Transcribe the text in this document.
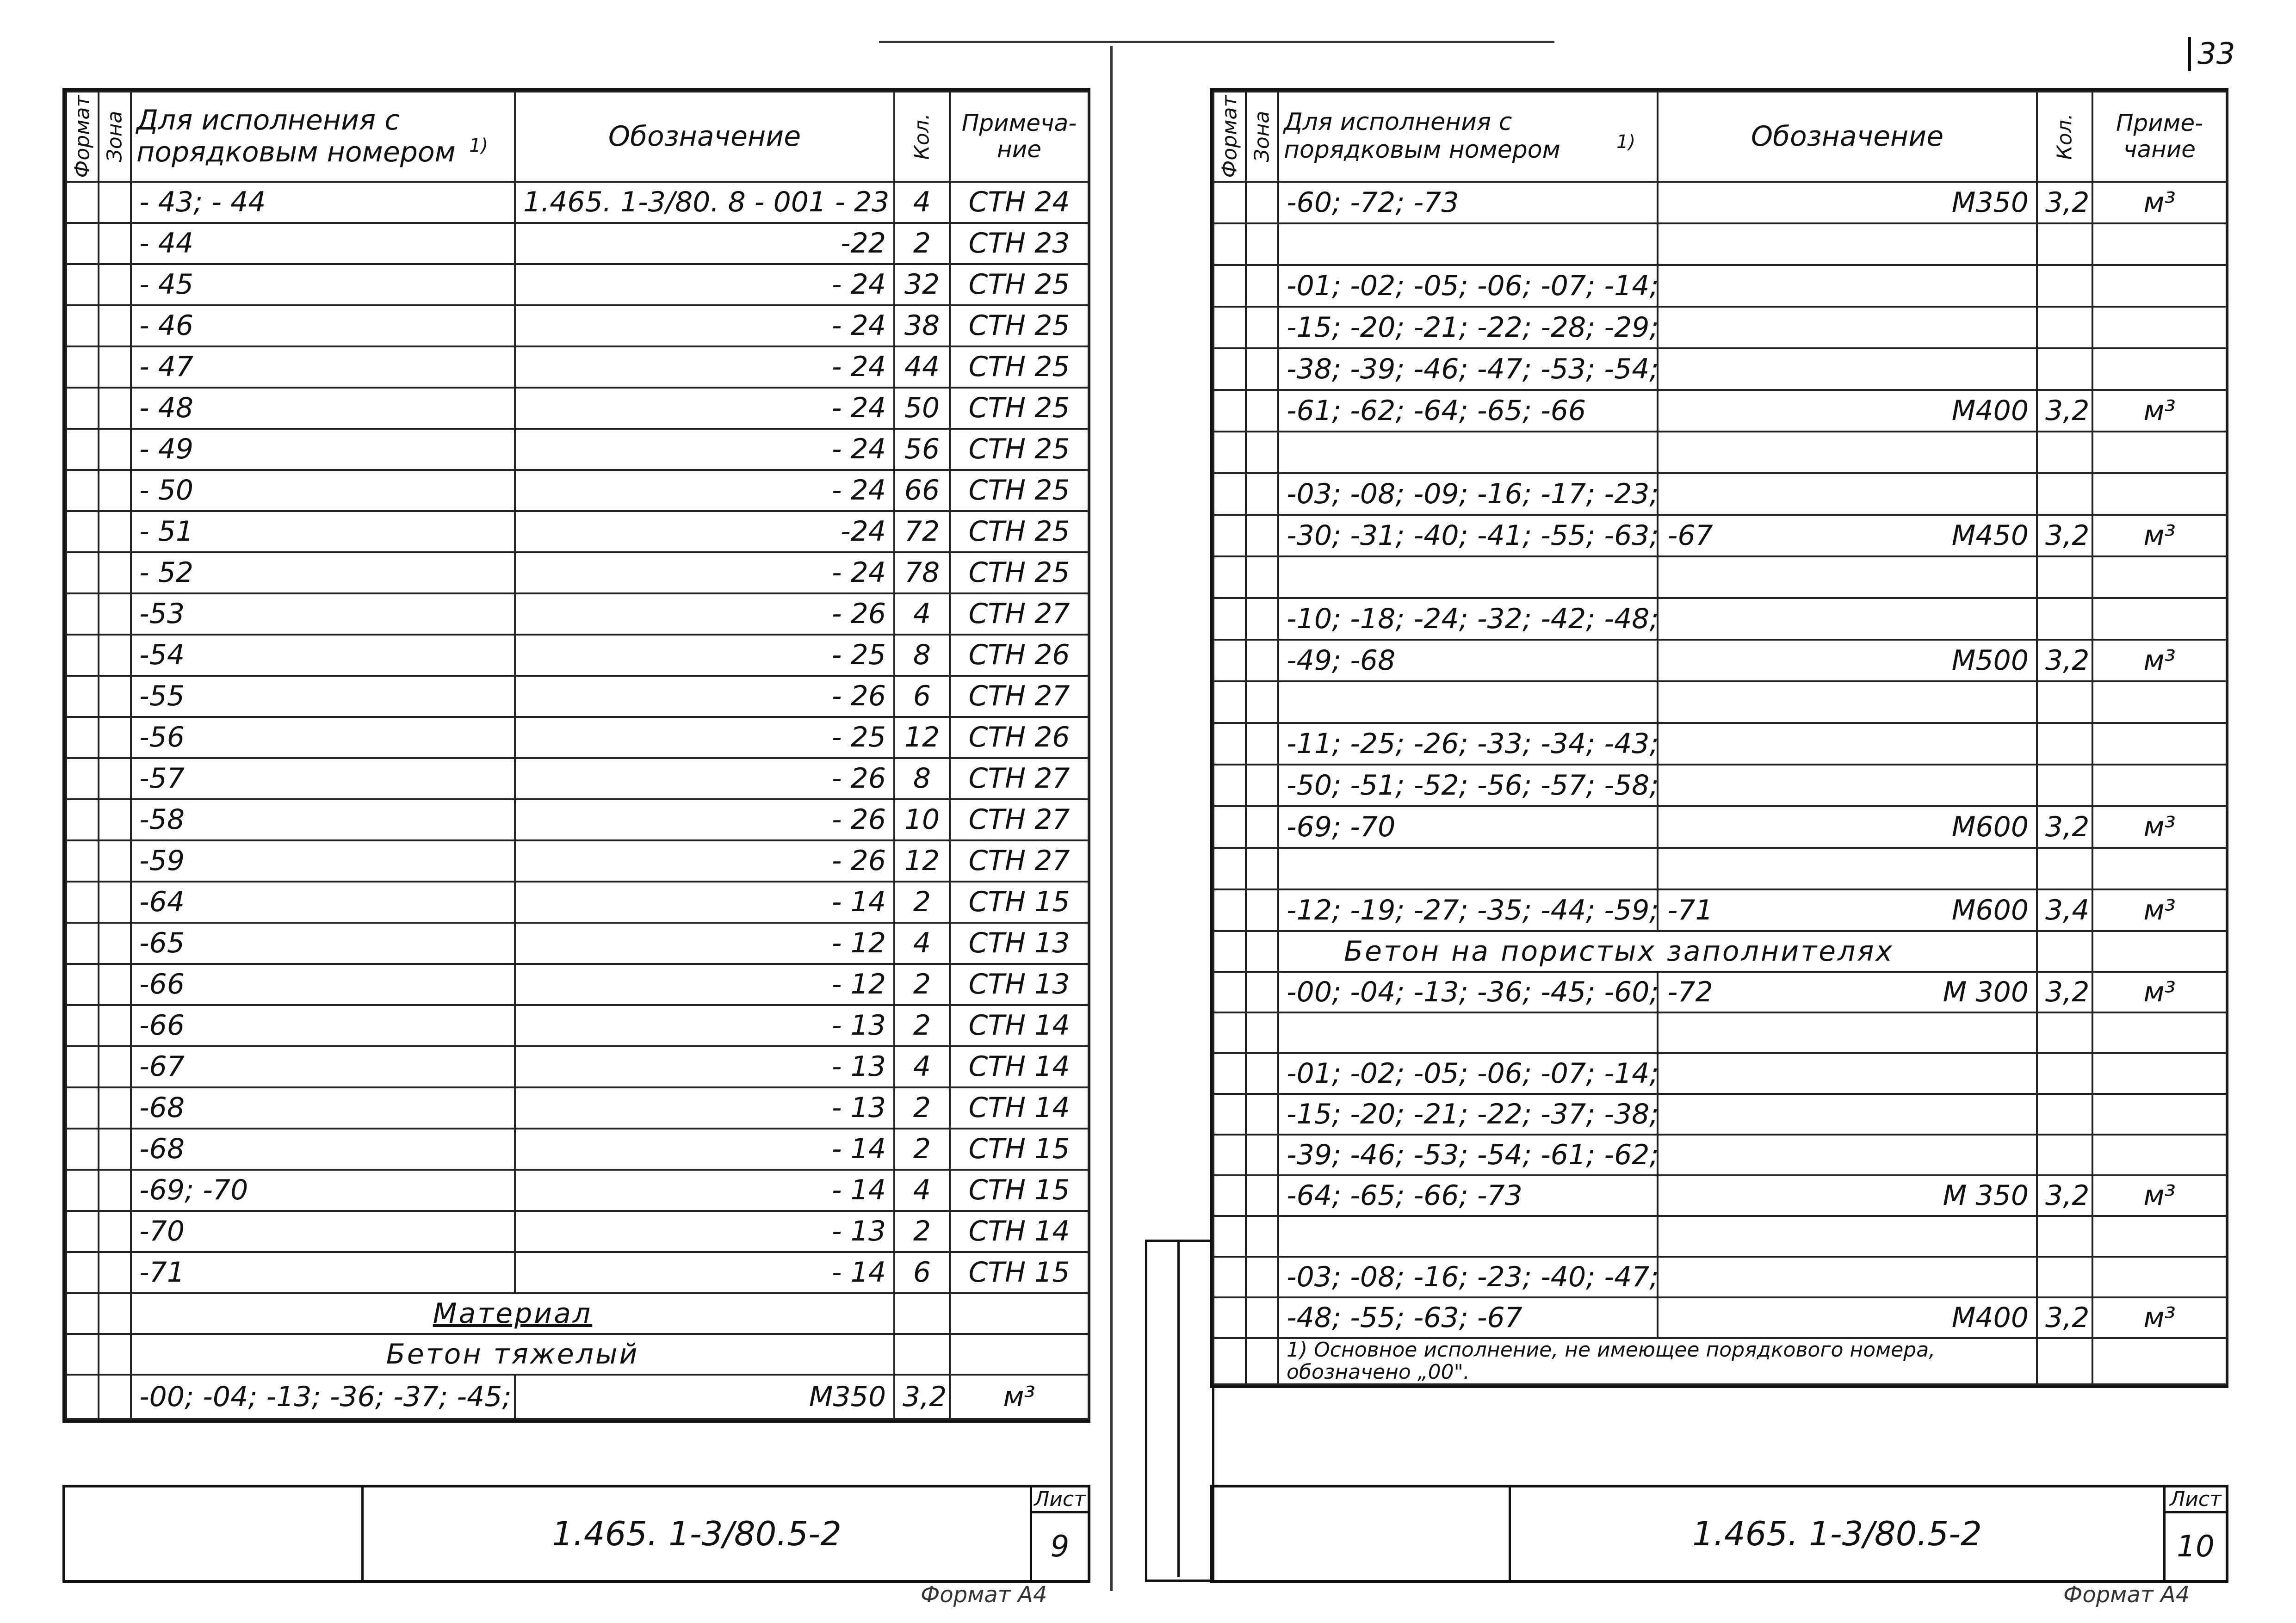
33
Формат	Зона	Для исполнения с порядковым номером $^{1)}$	Обозначение	Кол.	Примеча-ние
		- 43; - 44	1.465. 1-3/80. 8 - 001 - 23	4	СТН 24
		- 44	-22	2	СТН 23
		- 45	- 24	32	СТН 25
		- 46	- 24	38	СТН 25
		- 47	- 24	44	СТН 25
		- 48	- 24	50	СТН 25
		- 49	- 24	56	СТН 25
		- 50	- 24	66	СТН 25
		- 51	-24	72	СТН 25
		- 52	- 24	78	СТН 25
		-53	- 26	4	СТН 27
		-54	- 25	8	СТН 26
		-55	- 26	6	СТН 27
		-56	- 25	12	СТН 26
		-57	- 26	8	СТН 27
		-58	- 26	10	СТН 27
		-59	- 26	12	СТН 27
		-64	- 14	2	СТН 15
		-65	- 12	4	СТН 13
		-66	- 12	2	СТН 13
		-66	- 13	2	СТН 14
		-67	- 13	4	СТН 14
		-68	- 13	2	СТН 14
		-68	- 14	2	СТН 15
		-69; -70	- 14	4	СТН 15
		-70	- 13	2	СТН 14
		-71	- 14	6	СТН 15
		Материал			
		Бетон тяжелый			
		-00; -04; -13; -36; -37; -45;	М350	3,2	м³
1.465. 1-3/80.5-2
Лист
9
Формат А4
Формат	Зона	Для исполнения с порядковым номером $^{1)}$	Обозначение	Кол.	Приме-чание
		-60; -72; -73	М350	3,2	м³

		-01; -02; -05; -06; -07; -14;			
		-15; -20; -21; -22; -28; -29;			
		-38; -39; -46; -47; -53; -54;			
		-61; -62; -64; -65; -66	М400	3,2	м³

		-03; -08; -09; -16; -17; -23;			
		-30; -31; -40; -41; -55; -63; -67	М450	3,2	м³

		-10; -18; -24; -32; -42; -48;			
		-49; -68	М500	3,2	м³

		-11; -25; -26; -33; -34; -43;			
		-50; -51; -52; -56; -57; -58;			
		-69; -70	М600	3,2	м³

		-12; -19; -27; -35; -44; -59; -71	М600	3,4	м³
		Бетон на пористых заполнителях			
		-00; -04; -13; -36; -45; -60; -72	М 300	3,2	м³

		-01; -02; -05; -06; -07; -14;			
		-15; -20; -21; -22; -37; -38;			
		-39; -46; -53; -54; -61; -62;			
		-64; -65; -66; -73	М 350	3,2	м³

		-03; -08; -16; -23; -40; -47;			
		-48; -55; -63; -67	М400	3,2	м³
		1) Основное исполнение, не имеющее порядкового номера, обозначено „00".			
1.465. 1-3/80.5-2
Лист
10
Формат А4
